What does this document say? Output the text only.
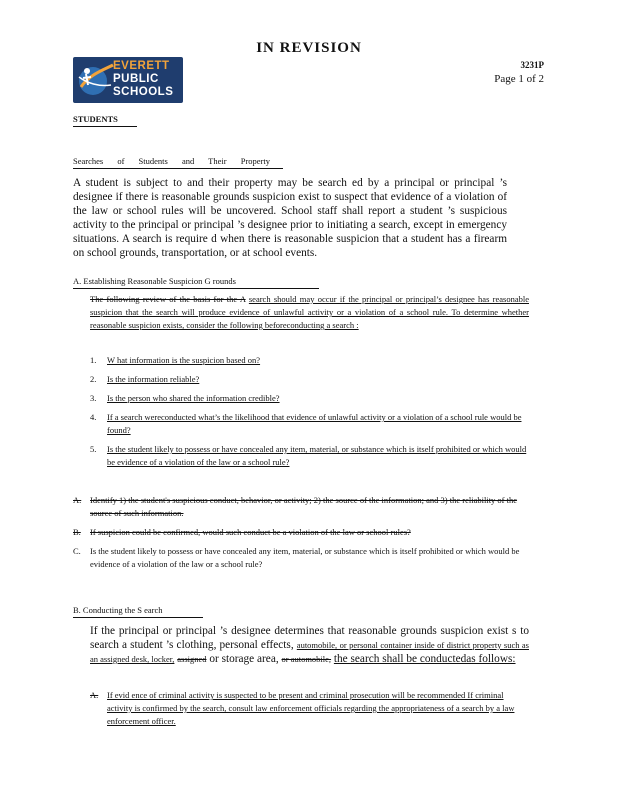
IN REVISION
EVERETT
PUBLIC
SCHOOLS
3231P
Page 1 of 2
STUDENTS
Searches of Students and Their Property
A student is subject to and their property may be search ed by a principal or principal ’s designee if there is reasonable grounds suspicion exist to suspect that evidence of a violation of the law or school rules will be uncovered. School staff shall report a student ’s suspicious activity to the principal or principal ’s designee prior to initiating a search, except in emergency situations. A search is require d when there is reasonable suspicion that a student has a firearm on school grounds, transportation, or at school events.
A. Establishing Reasonable Suspicion G rounds
The following review of the basis for the A search should may occur if the principal or principal’s designee has reasonable suspicion that the search will produce evidence of unlawful activity or a violation of a school rule. To determine whether reasonable suspicion exists, consider the following beforeconducting a search :
1.	W hat information is the suspicion based on?
2.	Is the information reliable?
3.	Is the person who shared the information credible?
4.	If a search wereconducted what’s the likelihood that evidence of unlawful activity or a violation of a school rule would be found?
5.	Is the student likely to possess or have concealed any item, material, or substance which is itself prohibited or which would be evidence of a violation of the law or a school rule?
A.	Identify 1) the student's suspicious conduct, behavior, or activity; 2) the source of the information; and 3) the reliability of the source of such information.
B.	If suspicion could be confirmed, would such conduct be a violation of the law or school rules?
C.	Is the student likely to possess or have concealed any item, material, or substance which is itself prohibited or which would be evidence of a violation of the law or a school rule?
B. Conducting the S earch
If the principal or principal ’s designee determines that reasonable grounds suspicion exist s to search a student ’s clothing, personal effects, automobile, or personal container inside of district property such as an assigned desk, locker, assigned or storage area, or automobile, the search shall be conductedas follows:
A.	If evid ence of criminal activity is suspected to be present and criminal prosecution will be recommended If criminal activity is confirmed by the search, consult law enforcement officials regarding the appropriateness of a search by a law enforcement officer.
